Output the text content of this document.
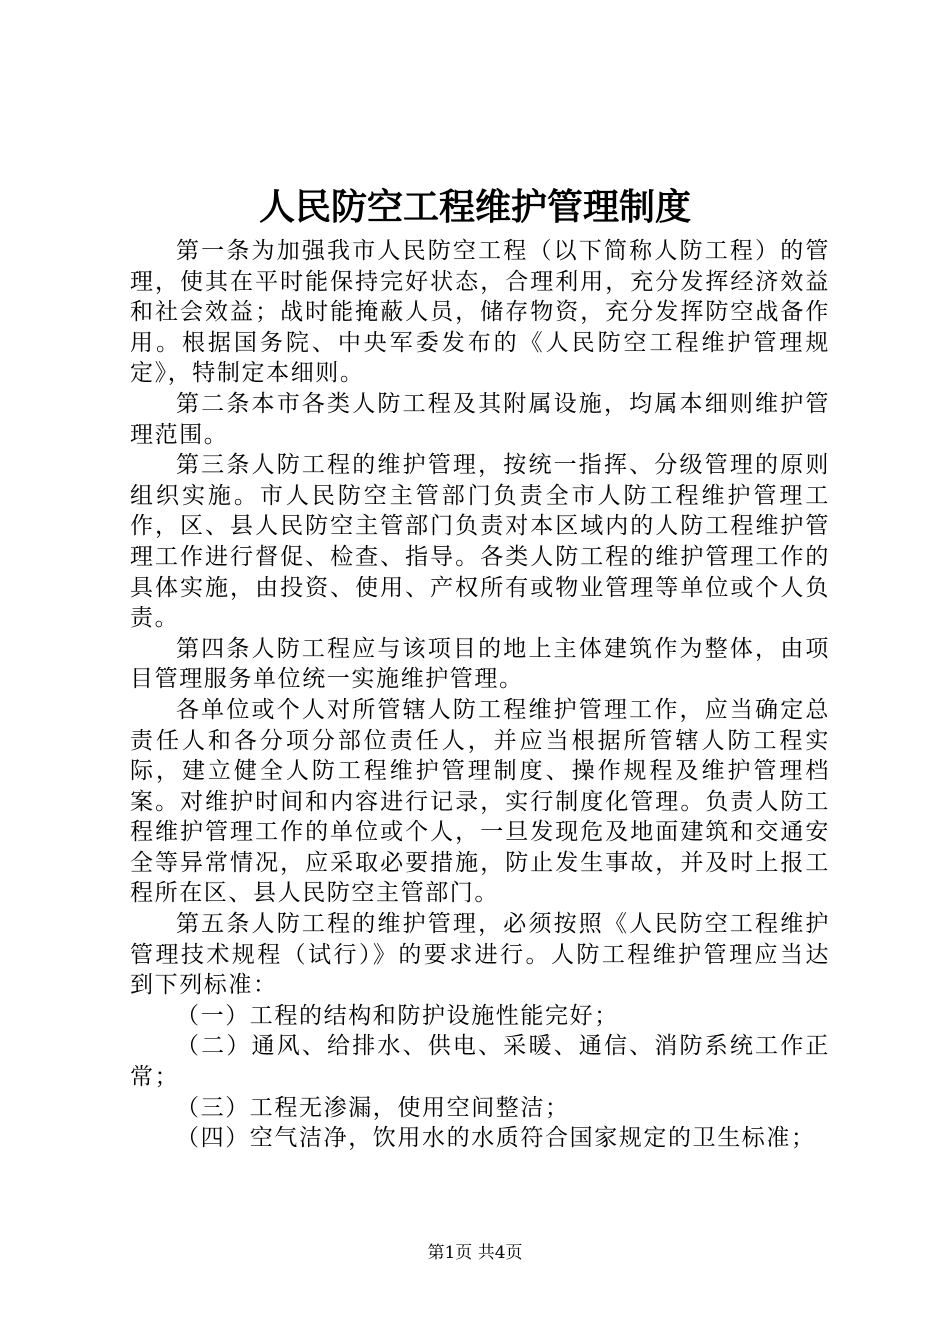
人民防空工程维护管理制度

第一条为加强我市人民防空工程（以下简称人防工程）的管理，使其在平时能保持完好状态，合理利用，充分发挥经济效益和社会效益；战时能掩蔽人员，储存物资，充分发挥防空战备作用。根据国务院、中央军委发布的《人民防空工程维护管理规定》，特制定本细则。

第二条本市各类人防工程及其附属设施，均属本细则维护管理范围。

第三条人防工程的维护管理，按统一指挥、分级管理的原则组织实施。市人民防空主管部门负责全市人防工程维护管理工作，区、县人民防空主管部门负责对本区域内的人防工程维护管理工作进行督促、检查、指导。各类人防工程的维护管理工作的具体实施，由投资、使用、产权所有或物业管理等单位或个人负责。

第四条人防工程应与该项目的地上主体建筑作为整体，由项目管理服务单位统一实施维护管理。

各单位或个人对所管辖人防工程维护管理工作，应当确定总责任人和各分项分部位责任人，并应当根据所管辖人防工程实际，建立健全人防工程维护管理制度、操作规程及维护管理档案。对维护时间和内容进行记录，实行制度化管理。负责人防工程维护管理工作的单位或个人，一旦发现危及地面建筑和交通安全等异常情况，应采取必要措施，防止发生事故，并及时上报工程所在区、县人民防空主管部门。

第五条人防工程的维护管理，必须按照《人民防空工程维护管理技术规程（试行）》的要求进行。人防工程维护管理应当达到下列标准：

（一）工程的结构和防护设施性能完好；

（二）通风、给排水、供电、采暖、通信、消防系统工作正常；

（三）工程无渗漏，使用空间整洁；

（四）空气洁净，饮用水的水质符合国家规定的卫生标准；

第1页 共4页
